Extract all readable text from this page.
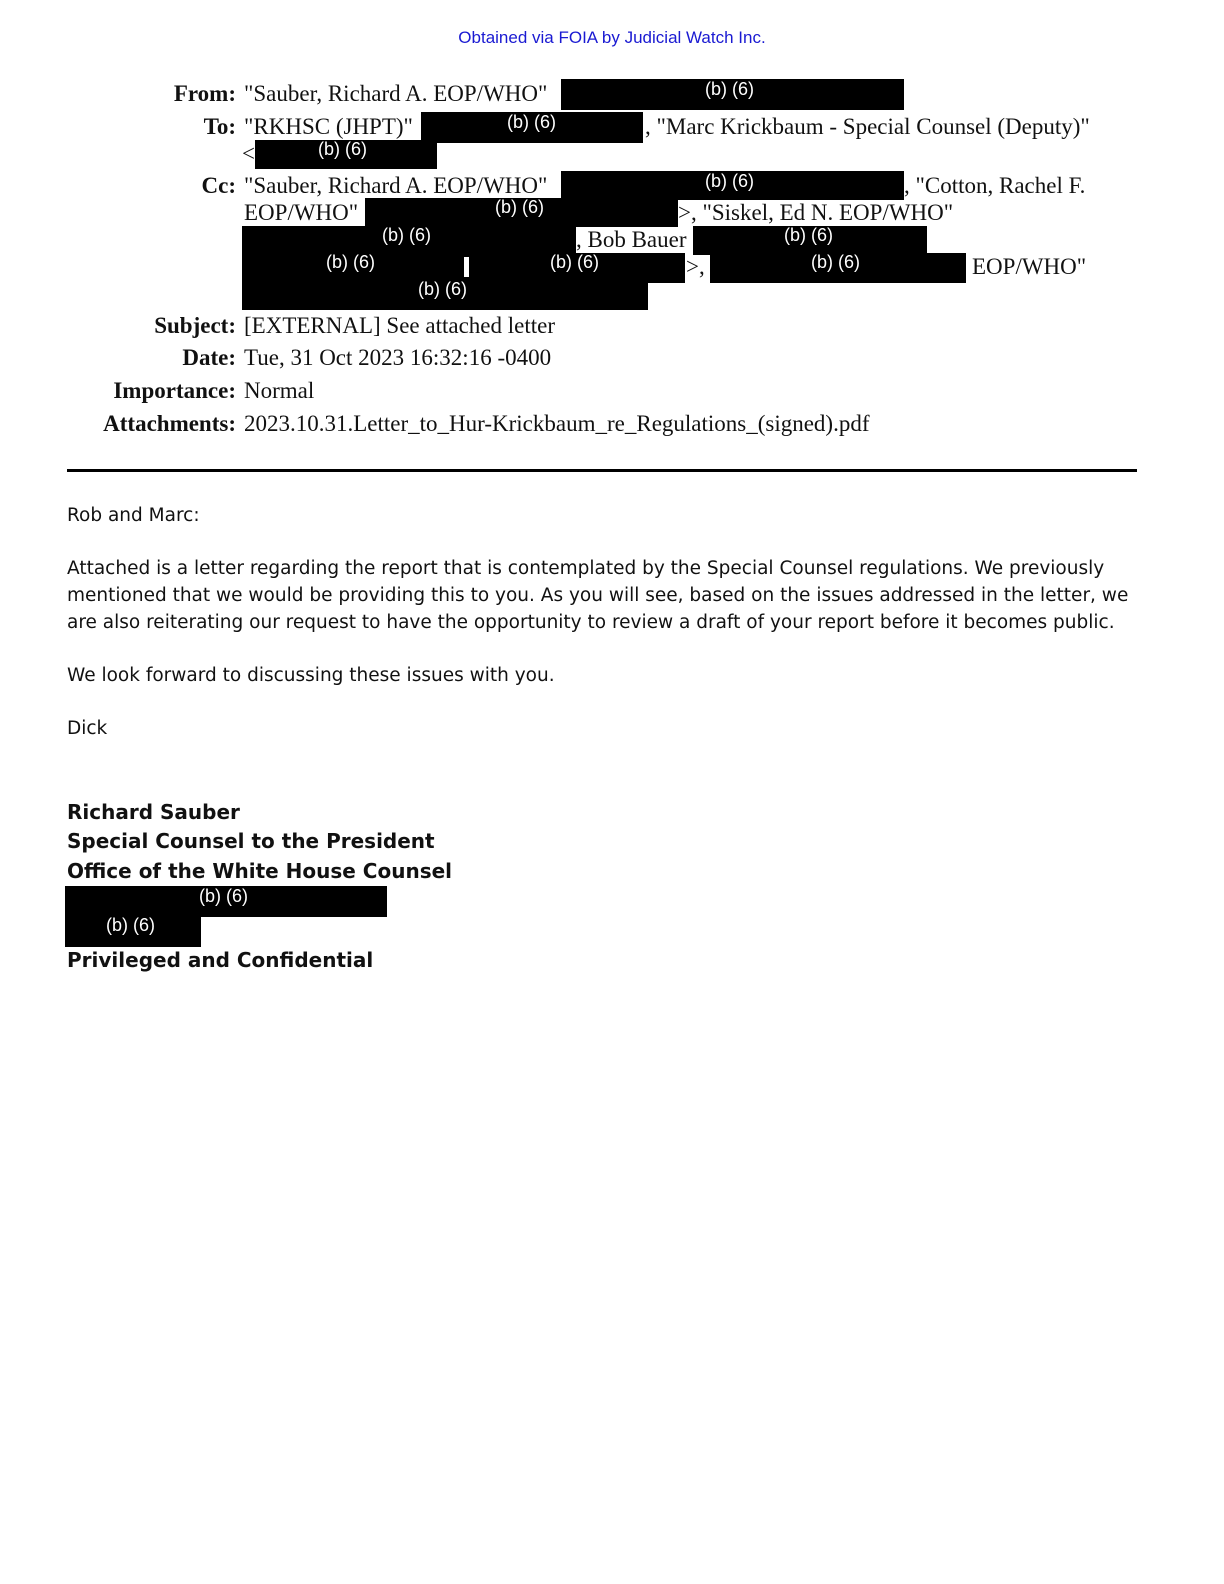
Obtained via FOIA by Judicial Watch Inc.
From: "Sauber, Richard A. EOP/WHO"	(b) (6)
To: "RKHSC (JHPT)"	(b) (6)	, "Marc Krickbaum - Special Counsel (Deputy)"
<	(b) (6)
Cc: "Sauber, Richard A. EOP/WHO"	(b) (6)	, "Cotton, Rachel F.
EOP/WHO"	(b) (6)	>, "Siskel, Ed N. EOP/WHO"
(b) (6)	, Bob Bauer	(b) (6)
(b) (6)	(b) (6)	>,	(b) (6)	EOP/WHO"
(b) (6)
Subject: [EXTERNAL] See attached letter
Date: Tue, 31 Oct 2023 16:32:16 -0400
Importance: Normal
Attachments: 2023.10.31.Letter_to_Hur-Krickbaum_re_Regulations_(signed).pdf
Rob and Marc:
Attached is a letter regarding the report that is contemplated by the Special Counsel regulations. We previously mentioned that we would be providing this to you. As you will see, based on the issues addressed in the letter, we are also reiterating our request to have the opportunity to review a draft of your report before it becomes public.
We look forward to discussing these issues with you.
Dick
Richard Sauber
Special Counsel to the President
Office of the White House Counsel
(b) (6)
(b) (6)
Privileged and Confidential
